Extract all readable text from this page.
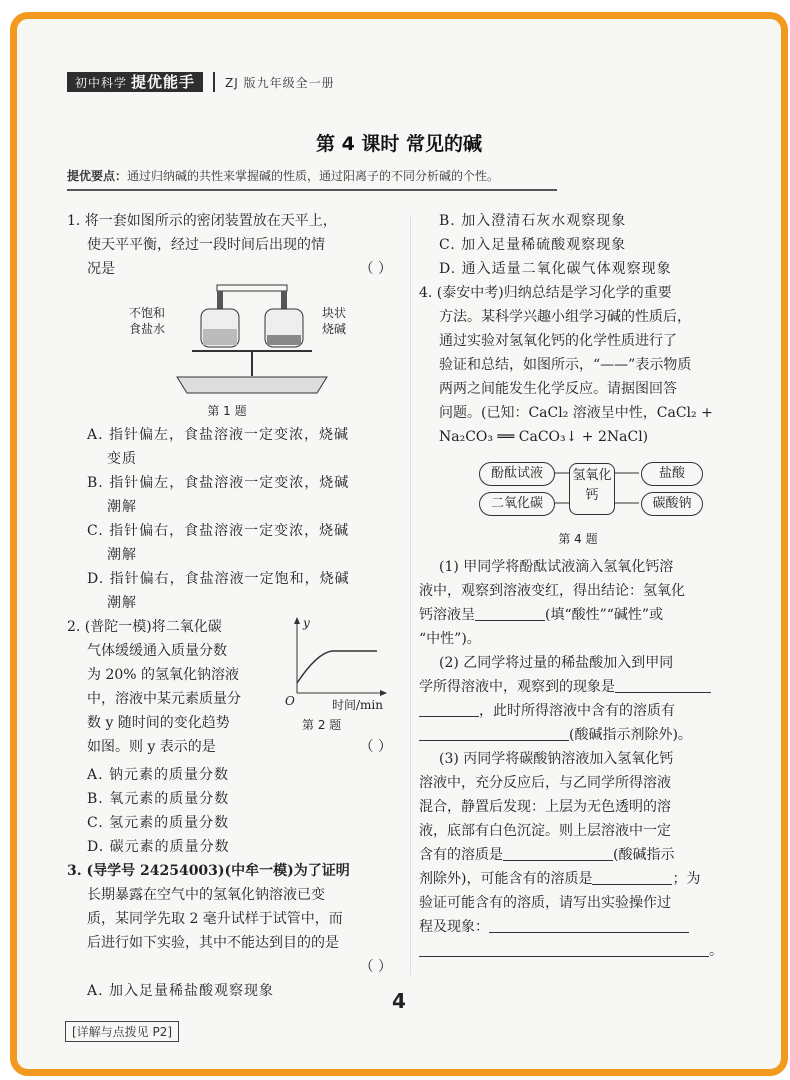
初中科学 提优能手	ZJ 版九年级全一册
第 4 课时 常见的碱
提优要点：通过归纳碱的共性来掌握碱的性质，通过阳离子的不同分析碱的个性。

1. 将一套如图所示的密闭装置放在天平上，

使天平平衡，经过一段时间后出现的情

况是	（ ）

不饱和
食盐水
块状
烧碱
第 1 题

A. 指针偏左，食盐溶液一定变浓，烧碱

变质

B. 指针偏左，食盐溶液一定变浓，烧碱

潮解

C. 指针偏右，食盐溶液一定变浓，烧碱

潮解

D. 指针偏右，食盐溶液一定饱和，烧碱

潮解

2. (普陀一模)将二氧化碳

气体缓缓通入质量分数

为 20% 的氢氧化钠溶液

中，溶液中某元素质量分

数 y 随时间的变化趋势

如图。则 y 表示的是	（ ）

y
O	时间/min
第 2 题

A. 钠元素的质量分数

B. 氧元素的质量分数

C. 氢元素的质量分数

D. 碳元素的质量分数

3. (导学号 24254003)(中牟一模)为了证明

长期暴露在空气中的氢氧化钠溶液已变

质，某同学先取 2 毫升试样于试管中，而

后进行如下实验，其中不能达到目的的是

（ ）

A. 加入足量稀盐酸观察现象

B. 加入澄清石灰水观察现象

C. 加入足量稀硫酸观察现象

D. 通入适量二氧化碳气体观察现象

4. (泰安中考)归纳总结是学习化学的重要

方法。某科学兴趣小组学习碱的性质后，

通过实验对氢氧化钙的化学性质进行了

验证和总结，如图所示，“——”表示物质

两两之间能发生化学反应。请据图回答

问题。(已知：CaCl₂ 溶液呈中性，CaCl₂ +

Na₂CO₃ ══ CaCO₃↓ + 2NaCl)

酚酞试液	盐酸
二氧化碳	碳酸钠
氢氧化钙
第 4 题

(1) 甲同学将酚酞试液滴入氢氧化钙溶

液中，观察到溶液变红，得出结论：氢氧化

钙溶液呈	(填“酸性”“碱性”或

“中性”)。

(2) 乙同学将过量的稀盐酸加入到甲同

学所得溶液中，观察到的现象是

，此时所得溶液中含有的溶质有

(酸碱指示剂除外)。

(3) 丙同学将碳酸钠溶液加入氢氧化钙

溶液中，充分反应后，与乙同学所得溶液

混合，静置后发现：上层为无色透明的溶

液，底部有白色沉淀。则上层溶液中一定

含有的溶质是	(酸碱指示

剂除外)，可能含有的溶质是	；为

验证可能含有的溶质，请写出实验操作过

程及现象：

。

4
[详解与点拨见 P2]
